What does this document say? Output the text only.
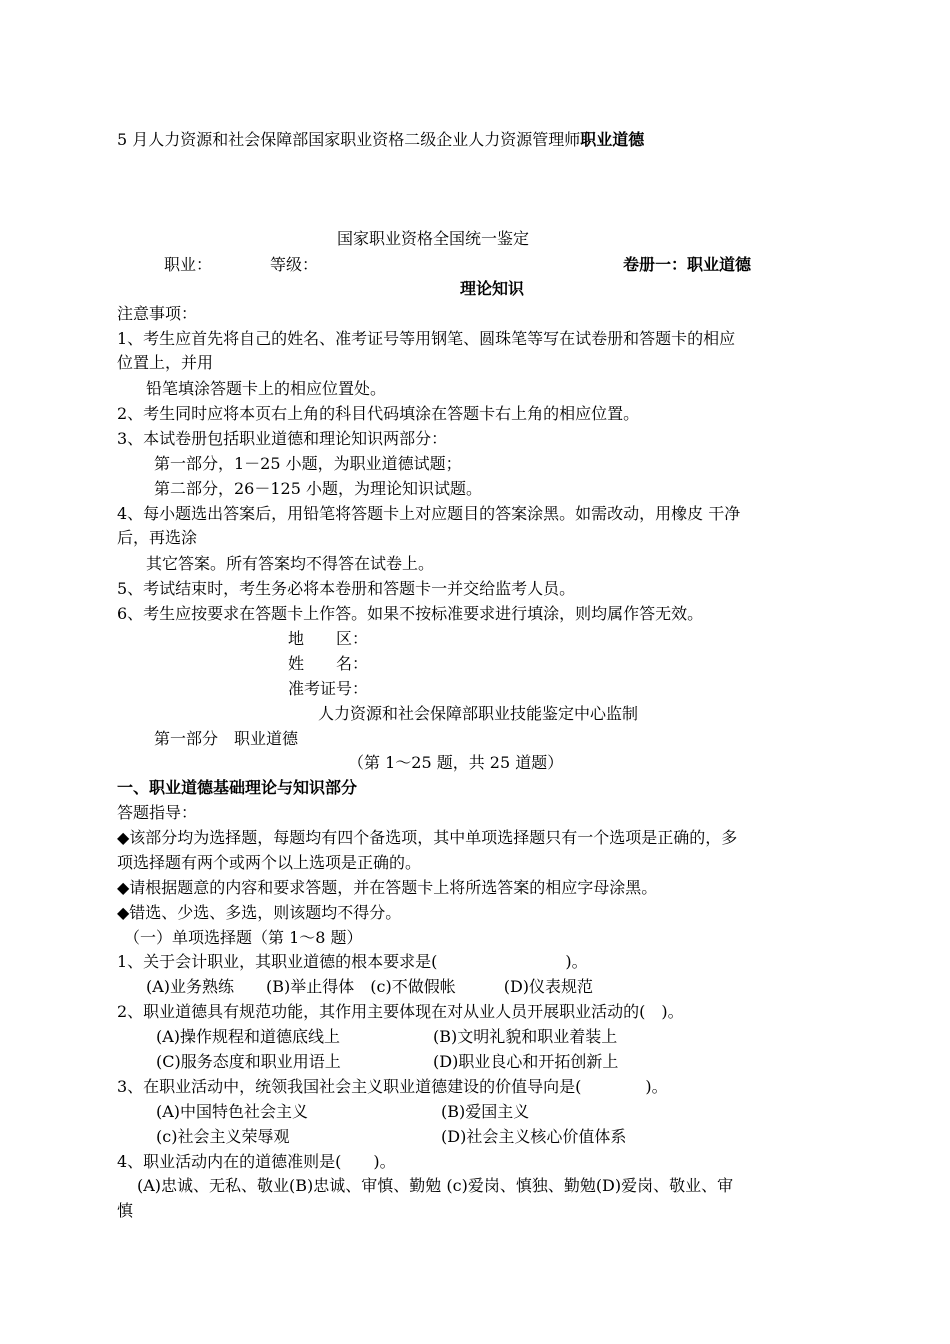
5 月人力资源和社会保障部国家职业资格二级企业人力资源管理师职业道德
国家职业资格全国统一鉴定
职业：	等级：	卷册一：职业道德
理论知识
注意事项：
1、考生应首先将自己的姓名、准考证号等用钢笔、圆珠笔等写在试卷册和答题卡的相应
位置上，并用
铅笔填涂答题卡上的相应位置处。
2、考生同时应将本页右上角的科目代码填涂在答题卡右上角的相应位置。
3、本试卷册包括职业道德和理论知识两部分：
第一部分，1－25 小题，为职业道德试题；
第二部分，26－125 小题，为理论知识试题。
4、每小题选出答案后，用铅笔将答题卡上对应题目的答案涂黑。如需改动，用橡皮 干净
后，再选涂
其它答案。所有答案均不得答在试卷上。
5、考试结束时，考生务必将本卷册和答题卡一并交给监考人员。
6、考生应按要求在答题卡上作答。如果不按标准要求进行填涂，则均属作答无效。
地　　区：
姓　　名：
准考证号：
人力资源和社会保障部职业技能鉴定中心监制
第一部分　职业道德
（第 1～25 题，共 25 道题）
一、职业道德基础理论与知识部分
答题指导：
◆该部分均为选择题，每题均有四个备选项，其中单项选择题只有一个选项是正确的，多
项选择题有两个或两个以上选项是正确的。
◆请根据题意的内容和要求答题，并在答题卡上将所选答案的相应字母涂黑。
◆错选、少选、多选，则该题均不得分。
（一）单项选择题（第 1～8 题）
1、关于会计职业，其职业道德的根本要求是(　　　　　　　　)。
(A)业务熟练　　(B)举止得体　(c)不做假帐　　　(D)仪表规范
2、职业道德具有规范功能，其作用主要体现在对从业人员开展职业活动的(　)。
(A)操作规程和道德底线上	(B)文明礼貌和职业着装上
(C)服务态度和职业用语上	(D)职业良心和开拓创新上
3、在职业活动中，统领我国社会主义职业道德建设的价值导向是(　　　　)。
(A)中国特色社会主义	(B)爱国主义
(c)社会主义荣辱观	(D)社会主义核心价值体系
4、职业活动内在的道德准则是(　　)。
(A)忠诚、无私、敬业(B)忠诚、审慎、勤勉 (c)爱岗、慎独、勤勉(D)爱岗、敬业、审
慎
